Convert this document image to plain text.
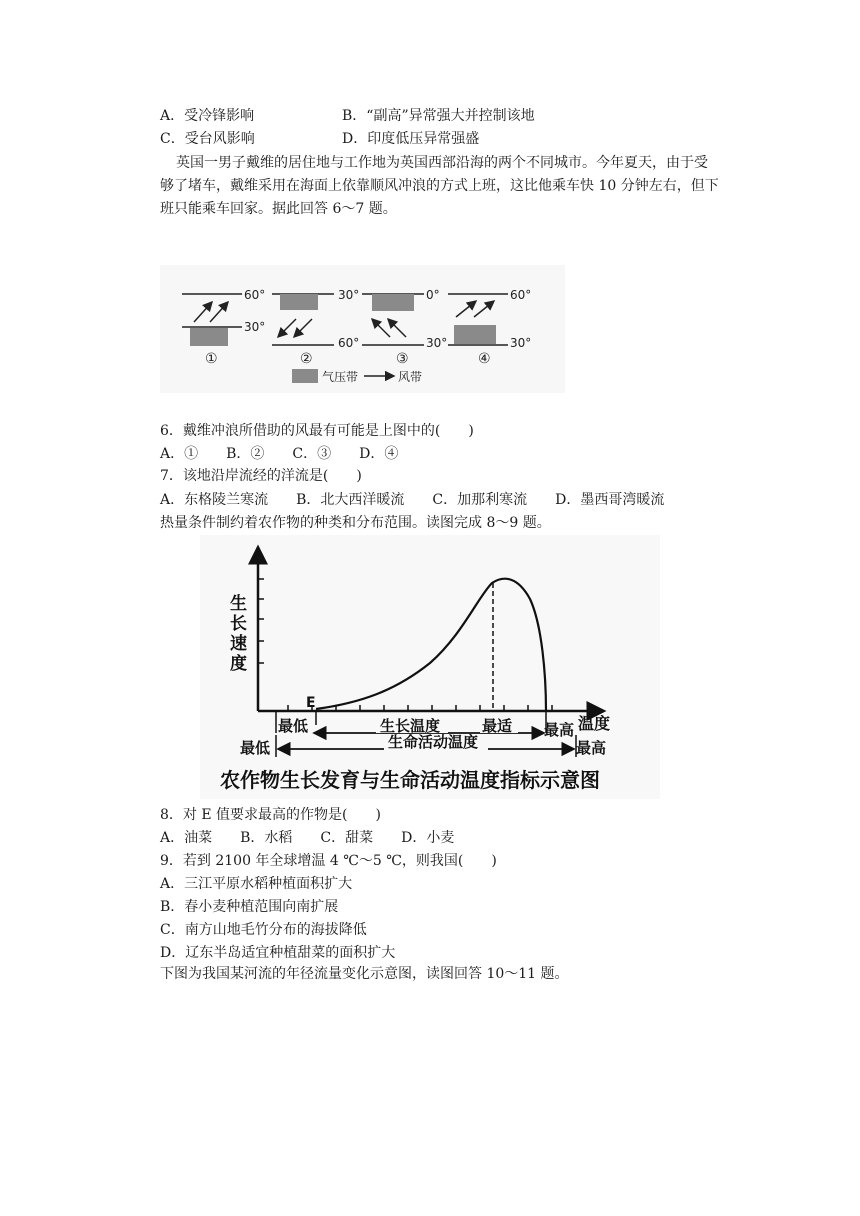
A．受冷锋影响	B．“副高”异常强大并控制该地
C．受台风影响	D．印度低压异常强盛
英国一男子戴维的居住地与工作地为英国西部沿海的两个不同城市。今年夏天，由于受
够了堵车，戴维采用在海面上依靠顺风冲浪的方式上班，这比他乘车快 10 分钟左右，但下
班只能乘车回家。据此回答 6～7 题。
60°
30°
①
30°
60°
②
0°
30°
③
60°
30°
④
气压带	风带
6．戴维冲浪所借助的风最有可能是上图中的(　　)
A．①　　B．②　　C．③　　D．④
7．该地沿岸流经的洋流是(　　)
A．东格陵兰寒流　　B．北大西洋暖流　　C．加那利寒流　　D．墨西哥湾暖流
热量条件制约着农作物的种类和分布范围。读图完成 8～9 题。
生
长
速
度
E
温度
最低	生长温度	最适 最高
最低	生命活动温度	最高
农作物生长发育与生命活动温度指标示意图
8．对 E 值要求最高的作物是(　　)
A．油菜　　B．水稻　　C．甜菜　　D．小麦
9．若到 2100 年全球增温 4 ℃～5 ℃，则我国(　　)
A．三江平原水稻种植面积扩大
B．春小麦种植范围向南扩展
C．南方山地毛竹分布的海拔降低
D．辽东半岛适宜种植甜菜的面积扩大
下图为我国某河流的年径流量变化示意图，读图回答 10～11 题。
